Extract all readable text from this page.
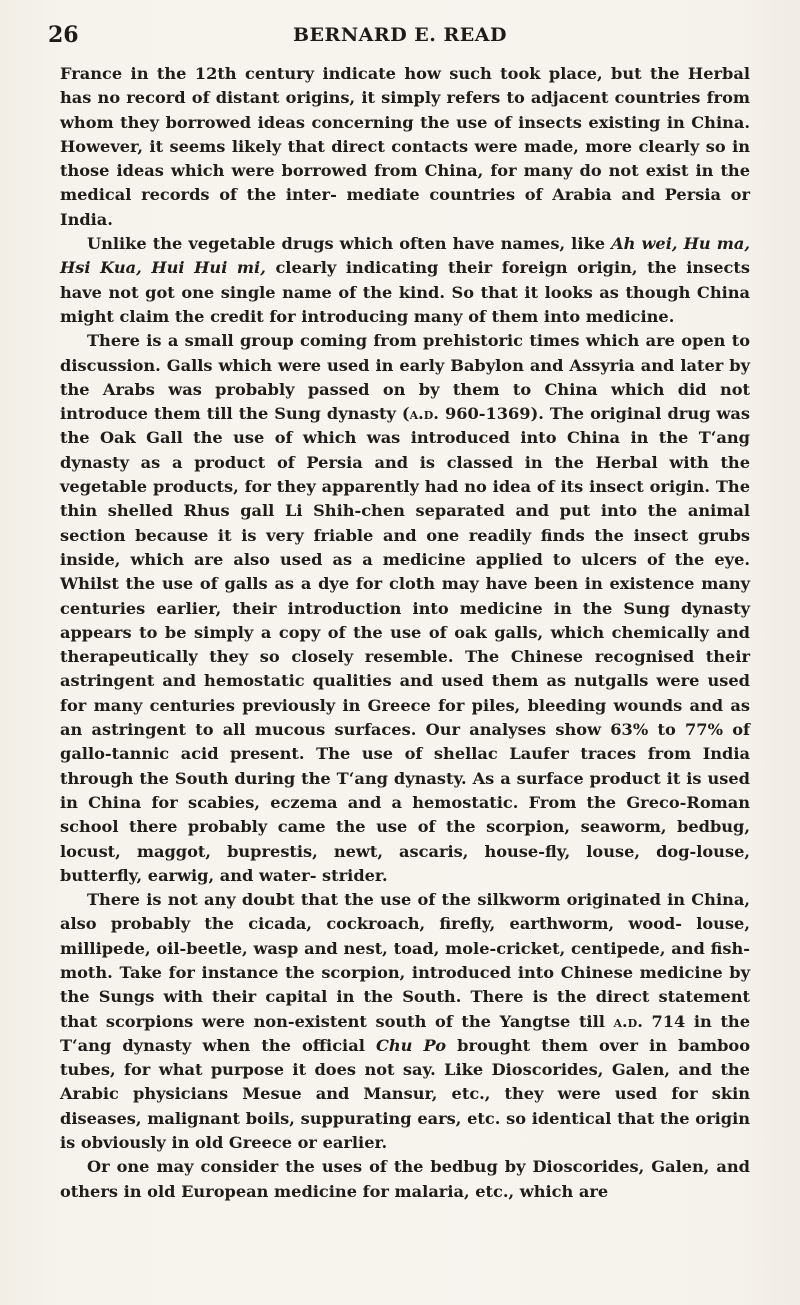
26	BERNARD E. READ

France in the 12th century indicate how such took place, but the Herbal has no record of distant origins, it simply refers to adjacent countries from whom they borrowed ideas concerning the use of insects existing in China. However, it seems likely that direct contacts were made, more clearly so in those ideas which were borrowed from China, for many do not exist in the medical records of the inter- mediate countries of Arabia and Persia or India.

Unlike the vegetable drugs which often have names, like Ah wei, Hu ma, Hsi Kua, Hui Hui mi, clearly indicating their foreign origin, the insects have not got one single name of the kind. So that it looks as though China might claim the credit for introducing many of them into medicine.

There is a small group coming from prehistoric times which are open to discussion. Galls which were used in early Babylon and Assyria and later by the Arabs was probably passed on by them to China which did not introduce them till the Sung dynasty (a.d. 960-1369). The original drug was the Oak Gall the use of which was introduced into China in the T‘ang dynasty as a product of Persia and is classed in the Herbal with the vegetable products, for they apparently had no idea of its insect origin. The thin shelled Rhus gall Li Shih-chen separated and put into the animal section because it is very friable and one readily finds the insect grubs inside, which are also used as a medicine applied to ulcers of the eye. Whilst the use of galls as a dye for cloth may have been in existence many centuries earlier, their introduction into medicine in the Sung dynasty appears to be simply a copy of the use of oak galls, which chemically and therapeutically they so closely resemble. The Chinese recognised their astringent and hemostatic qualities and used them as nutgalls were used for many centuries previously in Greece for piles, bleeding wounds and as an astringent to all mucous surfaces. Our analyses show 63% to 77% of gallo-tannic acid present. The use of shellac Laufer traces from India through the South during the T‘ang dynasty. As a surface product it is used in China for scabies, eczema and a hemostatic. From the Greco-Roman school there probably came the use of the scorpion, seaworm, bedbug, locust, maggot, buprestis, newt, ascaris, house-fly, louse, dog-louse, butterfly, earwig, and water- strider.

There is not any doubt that the use of the silkworm originated in China, also probably the cicada, cockroach, firefly, earthworm, wood- louse, millipede, oil-beetle, wasp and nest, toad, mole-cricket, centipede, and fish-moth. Take for instance the scorpion, introduced into Chinese medicine by the Sungs with their capital in the South. There is the direct statement that scorpions were non-existent south of the Yangtse till a.d. 714 in the T‘ang dynasty when the official Chu Po brought them over in bamboo tubes, for what purpose it does not say. Like Dioscorides, Galen, and the Arabic physicians Mesue and Mansur, etc., they were used for skin diseases, malignant boils, suppurating ears, etc. so identical that the origin is obviously in old Greece or earlier.

Or one may consider the uses of the bedbug by Dioscorides, Galen, and others in old European medicine for malaria, etc., which are
